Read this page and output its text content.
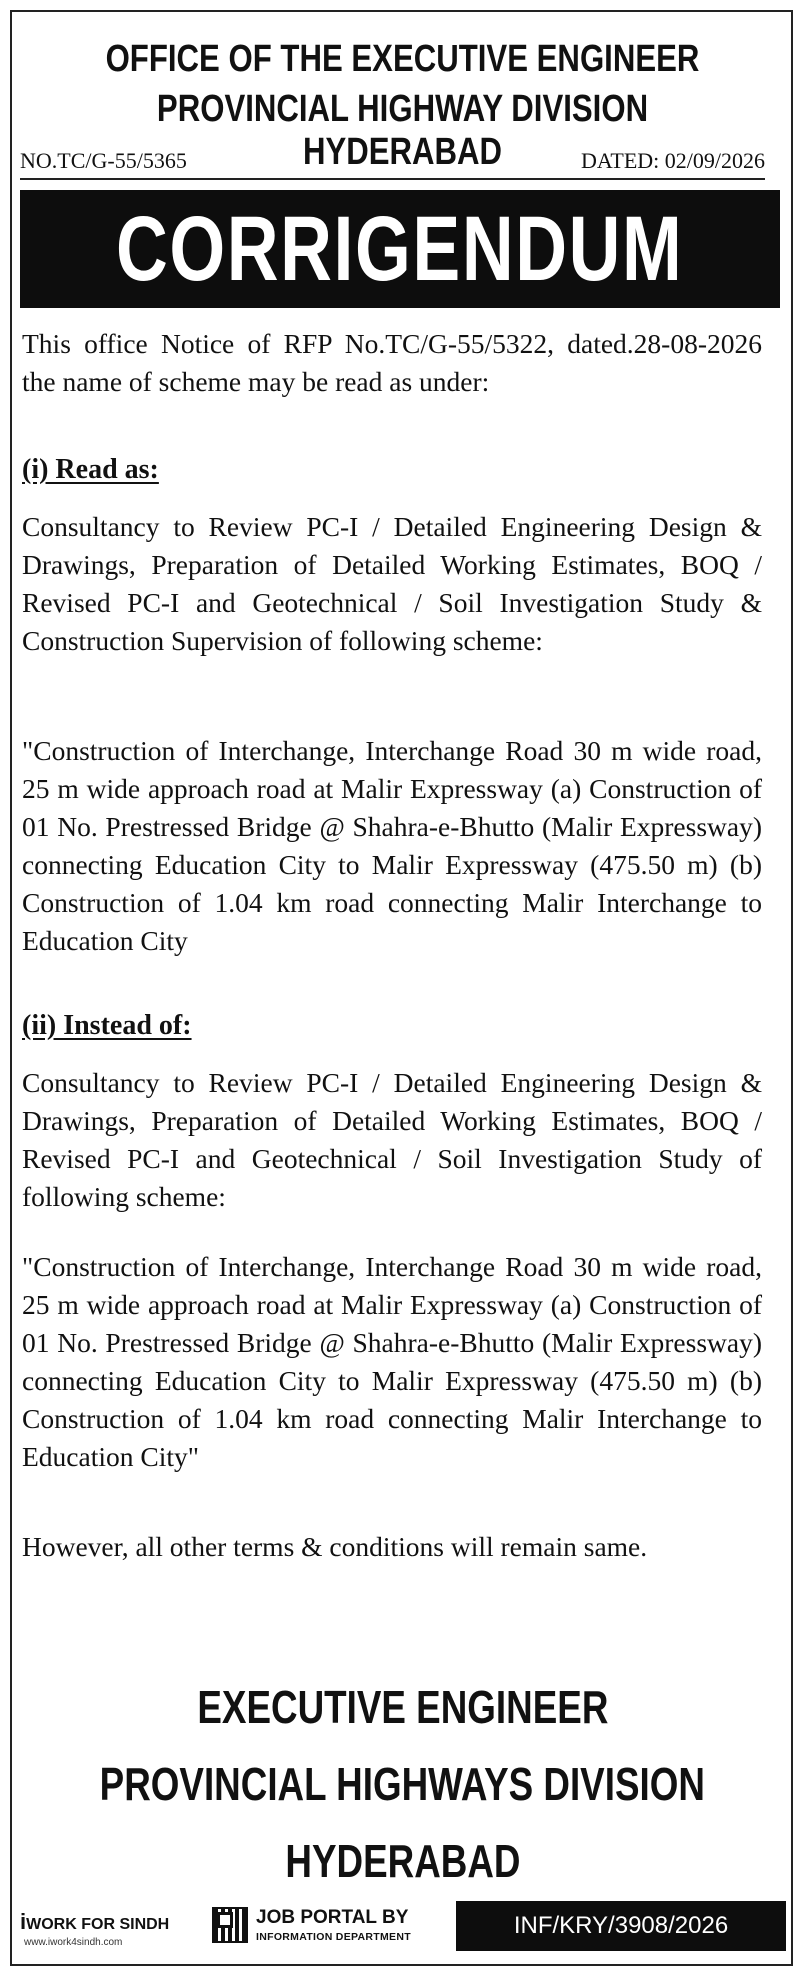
OFFICE OF THE EXECUTIVE ENGINEER
PROVINCIAL HIGHWAY DIVISION HYDERABAD
NO.TC/G-55/5365	DATED: 02/09/2026
CORRIGENDUM
This office Notice of RFP No.TC/G-55/5322, dated.28-08-2026 the name of scheme may be read as under:
(i) Read as:
Consultancy to Review PC-I / Detailed Engineering Design & Drawings, Preparation of Detailed Working Estimates, BOQ / Revised PC-I and Geotechnical / Soil Investigation Study & Construction Supervision of following scheme:
"Construction of Interchange, Interchange Road 30 m wide road, 25 m wide approach road at Malir Expressway (a) Construction of 01 No. Prestressed Bridge @ Shahra-e-Bhutto (Malir Expressway) connecting Education City to Malir Expressway (475.50 m) (b) Construction of 1.04 km road connecting Malir Interchange to Education City
(ii) Instead of:
Consultancy to Review PC-I / Detailed Engineering Design & Drawings, Preparation of Detailed Working Estimates, BOQ / Revised PC-I and Geotechnical / Soil Investigation Study of following scheme:
"Construction of Interchange, Interchange Road 30 m wide road, 25 m wide approach road at Malir Expressway (a) Construction of 01 No. Prestressed Bridge @ Shahra-e-Bhutto (Malir Expressway) connecting Education City to Malir Expressway (475.50 m) (b) Construction of 1.04 km road connecting Malir Interchange to Education City"
However, all other terms & conditions will remain same.
EXECUTIVE ENGINEER
PROVINCIAL HIGHWAYS DIVISION
HYDERABAD
iWORK FOR SINDH
www.iwork4sindh.com
JOB PORTAL BY
INFORMATION DEPARTMENT	INF/KRY/3908/2026
